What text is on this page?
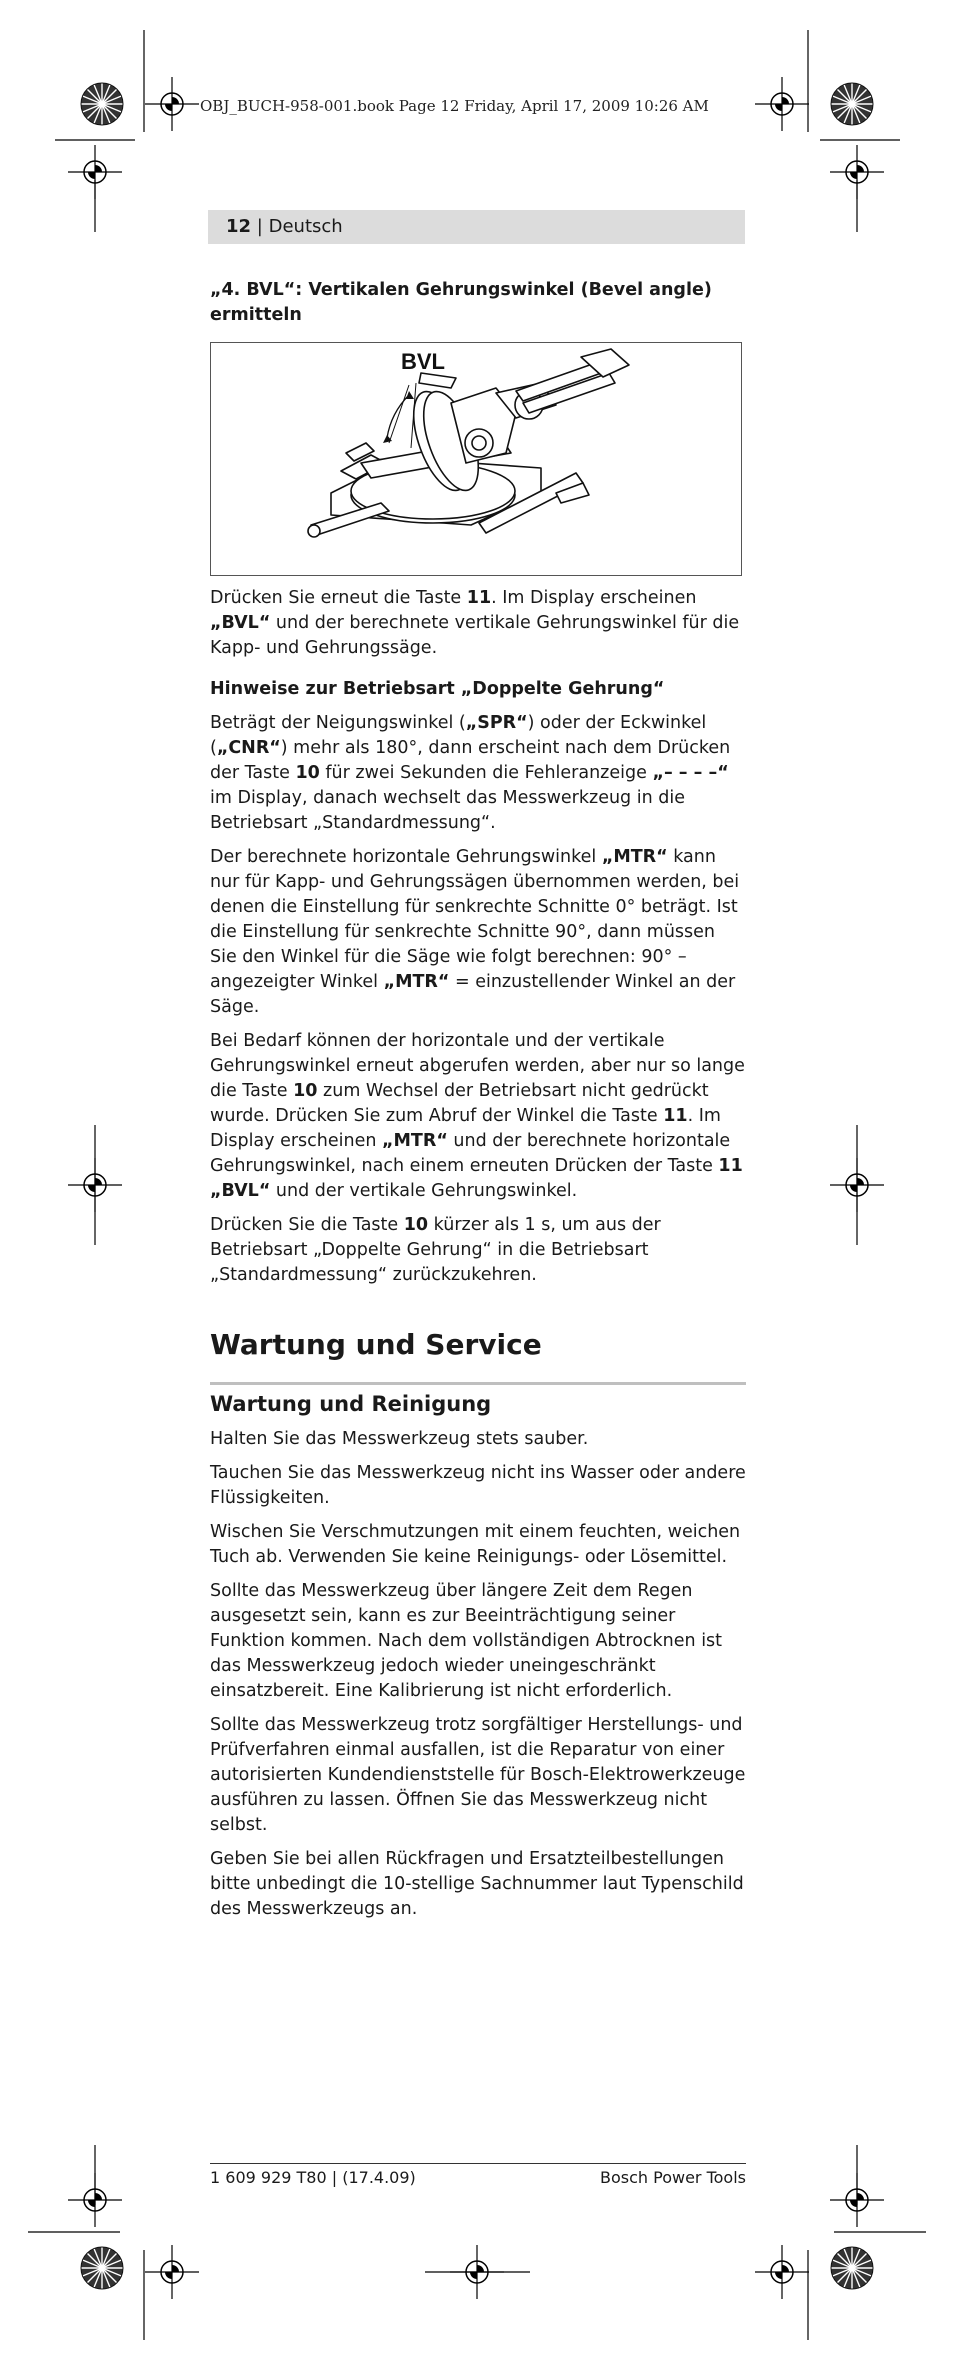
OBJ_BUCH-958-001.book Page 12 Friday, April 17, 2009 10:26 AM
12 | Deutsch

„4. BVL“: Vertikalen Gehrungswinkel (Bevel angle) ermitteln

BVL

Drücken Sie erneut die Taste 11. Im Display erscheinen „BVL“ und der berechnete vertikale Gehrungswinkel für die Kapp- und Gehrungssäge.

Hinweise zur Betriebsart „Doppelte Gehrung“

Beträgt der Neigungswinkel („SPR“) oder der Eckwinkel („CNR“) mehr als 180°, dann erscheint nach dem Drücken der Taste 10 für zwei Sekunden die Fehleranzeige „– – – –“ im Display, danach wechselt das Messwerkzeug in die Betriebsart „Standardmessung“.

Der berechnete horizontale Gehrungswinkel „MTR“ kann nur für Kapp- und Gehrungssägen übernommen werden, bei denen die Einstellung für senkrechte Schnitte 0° beträgt. Ist die Einstellung für senkrechte Schnitte 90°, dann müssen Sie den Winkel für die Säge wie folgt berechnen: 90° – angezeigter Winkel „MTR“ = einzustellender Winkel an der Säge.

Bei Bedarf können der horizontale und der vertikale Gehrungswinkel erneut abgerufen werden, aber nur so lange die Taste 10 zum Wechsel der Betriebsart nicht gedrückt wurde. Drücken Sie zum Abruf der Winkel die Taste 11. Im Display erscheinen „MTR“ und der berechnete horizontale Gehrungswinkel, nach einem erneuten Drücken der Taste 11 „BVL“ und der vertikale Gehrungswinkel.

Drücken Sie die Taste 10 kürzer als 1 s, um aus der Betriebsart „Doppelte Gehrung“ in die Betriebsart „Standardmessung“ zurückzukehren.

Wartung und Service
Wartung und Reinigung

Halten Sie das Messwerkzeug stets sauber.

Tauchen Sie das Messwerkzeug nicht ins Wasser oder andere Flüssigkeiten.

Wischen Sie Verschmutzungen mit einem feuchten, weichen Tuch ab. Verwenden Sie keine Reinigungs- oder Lösemittel.

Sollte das Messwerkzeug über längere Zeit dem Regen ausgesetzt sein, kann es zur Beeinträchtigung seiner Funktion kommen. Nach dem vollständigen Abtrocknen ist das Messwerkzeug jedoch wieder uneingeschränkt einsatzbereit. Eine Kalibrierung ist nicht erforderlich.

Sollte das Messwerkzeug trotz sorgfältiger Herstellungs- und Prüfverfahren einmal ausfallen, ist die Reparatur von einer autorisierten Kundendienststelle für Bosch-Elektrowerkzeuge ausführen zu lassen. Öffnen Sie das Messwerkzeug nicht selbst.

Geben Sie bei allen Rückfragen und Ersatzteilbestellungen bitte unbedingt die 10-stellige Sachnummer laut Typenschild des Messwerkzeugs an.

1 609 929 T80 | (17.4.09)	Bosch Power Tools
